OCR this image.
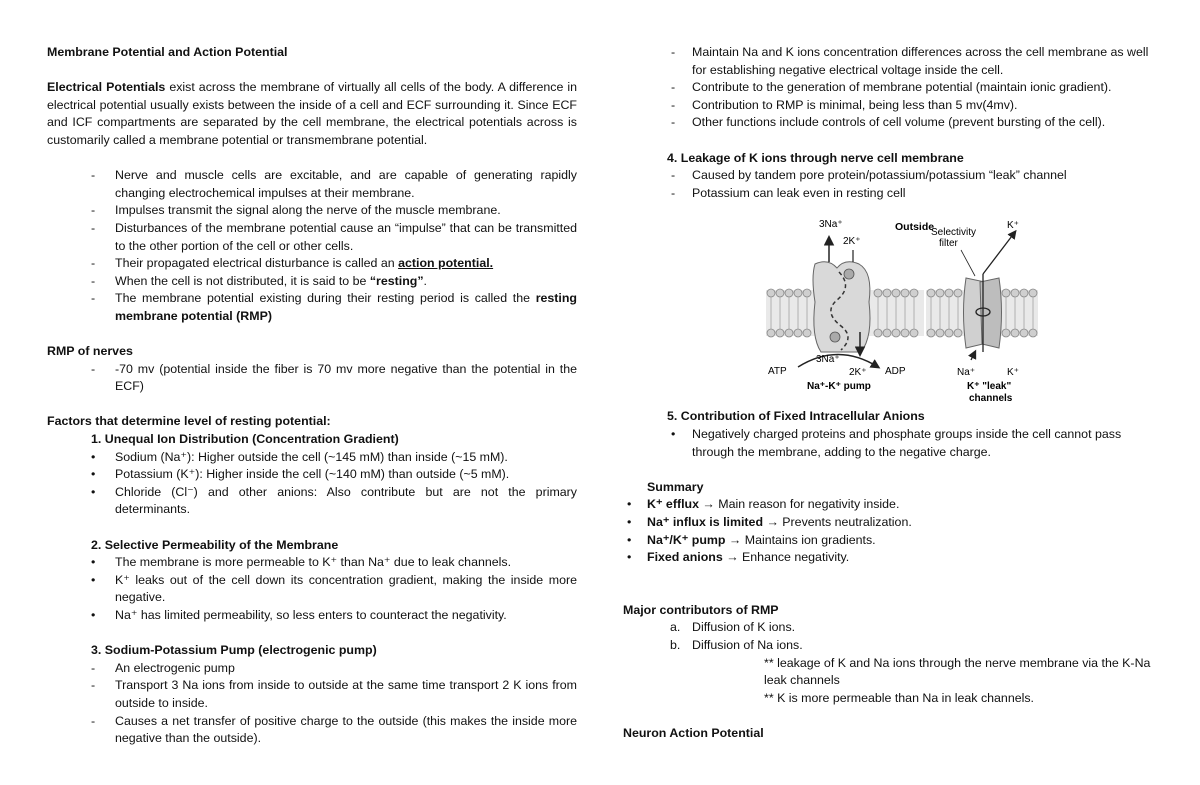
Membrane Potential and Action Potential

Electrical Potentials exist across the membrane of virtually all cells of the body. A difference in electrical potential usually exists between the inside of a cell and ECF surrounding it. Since ECF and ICF compartments are separated by the cell membrane, the electrical potentials across is customarily called a membrane potential or transmembrane potential.

- Nerve and muscle cells are excitable, and are capable of generating rapidly changing electrochemical impulses at their membrane.
- Impulses transmit the signal along the nerve of the muscle membrane.
- Disturbances of the membrane potential cause an “impulse” that can be transmitted to the other portion of the cell or other cells.
- Their propagated electrical disturbance is called an action potential.
- When the cell is not distributed, it is said to be “resting”.
- The membrane potential existing during their resting period is called the resting membrane potential (RMP)

RMP of nerves

- -70 mv (potential inside the fiber is 70 mv more negative than the potential in the ECF)

Factors that determine level of resting potential:

1. Unequal Ion Distribution (Concentration Gradient)

• Sodium (Na⁺): Higher outside the cell (~145 mM) than inside (~15 mM).
• Potassium (K⁺): Higher inside the cell (~140 mM) than outside (~5 mM).
• Chloride (Cl⁻) and other anions: Also contribute but are not the primary determinants.

2. Selective Permeability of the Membrane

• The membrane is more permeable to K⁺ than Na⁺ due to leak channels.
• K⁺ leaks out of the cell down its concentration gradient, making the inside more negative.
• Na⁺ has limited permeability, so less enters to counteract the negativity.

3. Sodium-Potassium Pump (electrogenic pump)

- An electrogenic pump
- Transport 3 Na ions from inside to outside at the same time transport 2 K ions from outside to inside.
- Causes a net transfer of positive charge to the outside (this makes the inside more negative than the outside).
- Maintain Na and K ions concentration differences across the cell membrane as well for establishing negative electrical voltage inside the cell.
- Contribute to the generation of membrane potential (maintain ionic gradient).
- Contribution to RMP is minimal, being less than 5 mv(4mv).
- Other functions include controls of cell volume (prevent bursting of the cell).

4. Leakage of K ions through nerve cell membrane

- Caused by tandem pore protein/potassium/potassium “leak” channel
- Potassium can leak even in resting cell
3Na⁺
2K⁺
3Na⁺
ATP	ADP
2K⁺
Na⁺-K⁺ pump
Outside
Selectivity
filter
K⁺
Na⁺	K⁺
K⁺ "leak"
channels

5. Contribution of Fixed Intracellular Anions

• Negatively charged proteins and phosphate groups inside the cell cannot pass through the membrane, adding to the negative charge.

Summary

• K⁺ efflux → Main reason for negativity inside.
• Na⁺ influx is limited → Prevents neutralization.
• Na⁺/K⁺ pump → Maintains ion gradients.
• Fixed anions → Enhance negativity.

Major contributors of RMP

a. Diffusion of K ions.
b. Diffusion of Na ions.

** leakage of K and Na ions through the nerve membrane via the K-Na leak channels

** K is more permeable than Na in leak channels.

Neuron Action Potential
